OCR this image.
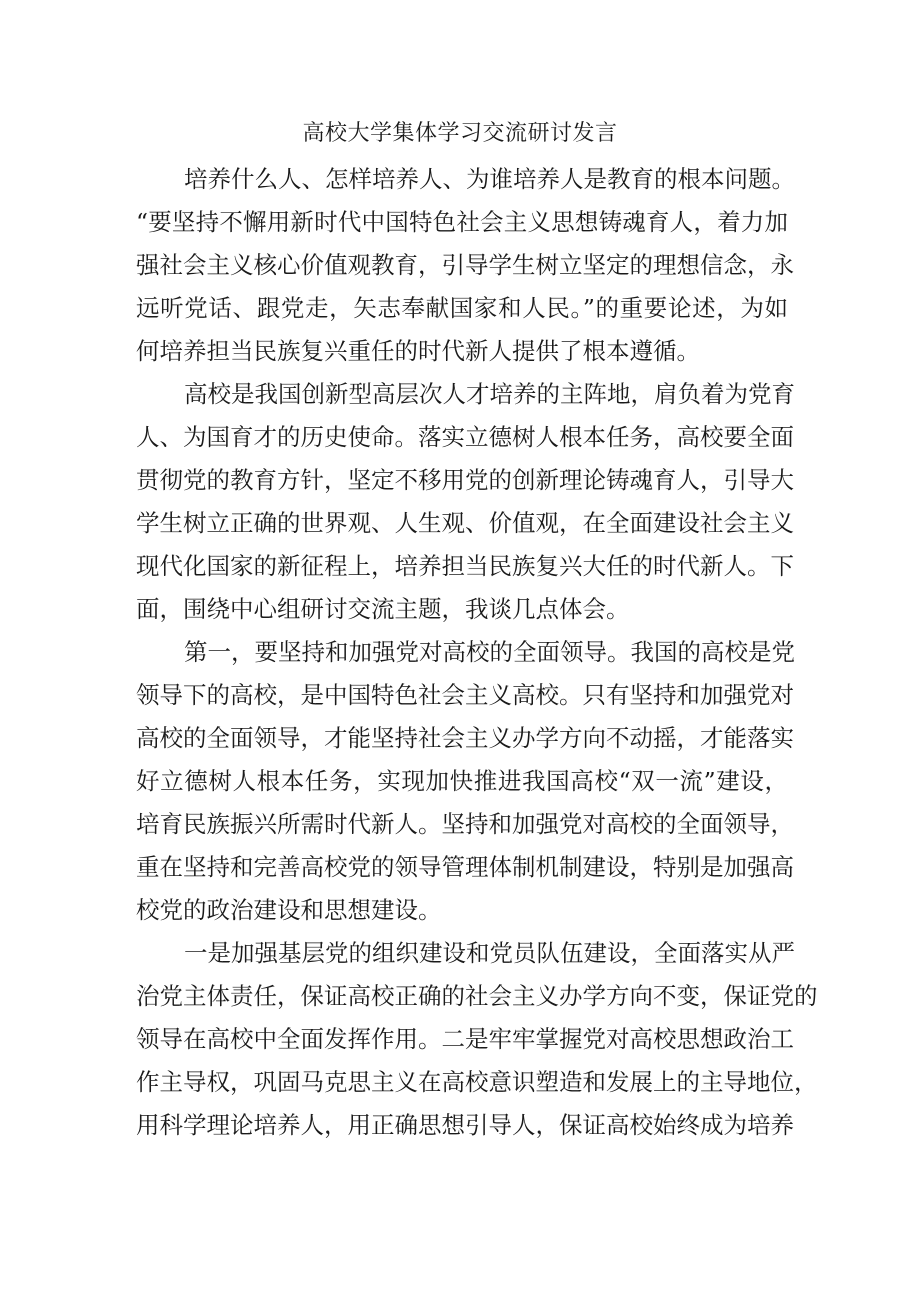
高校大学集体学习交流研讨发言

培养什么人、怎样培养人、为谁培养人是教育的根本问题。

“要坚持不懈用新时代中国特色社会主义思想铸魂育人，着力加

强社会主义核心价值观教育，引导学生树立坚定的理想信念，永

远听党话、跟党走，矢志奉献国家和人民。”的重要论述，为如

何培养担当民族复兴重任的时代新人提供了根本遵循。

高校是我国创新型高层次人才培养的主阵地，肩负着为党育

人、为国育才的历史使命。落实立德树人根本任务，高校要全面

贯彻党的教育方针，坚定不移用党的创新理论铸魂育人，引导大

学生树立正确的世界观、人生观、价值观，在全面建设社会主义

现代化国家的新征程上，培养担当民族复兴大任的时代新人。下

面，围绕中心组研讨交流主题，我谈几点体会。

第一，要坚持和加强党对高校的全面领导。我国的高校是党

领导下的高校，是中国特色社会主义高校。只有坚持和加强党对

高校的全面领导，才能坚持社会主义办学方向不动摇，才能落实

好立德树人根本任务，实现加快推进我国高校“双一流”建设，

培育民族振兴所需时代新人。坚持和加强党对高校的全面领导，

重在坚持和完善高校党的领导管理体制机制建设，特别是加强高

校党的政治建设和思想建设。

一是加强基层党的组织建设和党员队伍建设，全面落实从严

治党主体责任，保证高校正确的社会主义办学方向不变，保证党的

领导在高校中全面发挥作用。二是牢牢掌握党对高校思想政治工

作主导权，巩固马克思主义在高校意识塑造和发展上的主导地位，

用科学理论培养人，用正确思想引导人，保证高校始终成为培养
